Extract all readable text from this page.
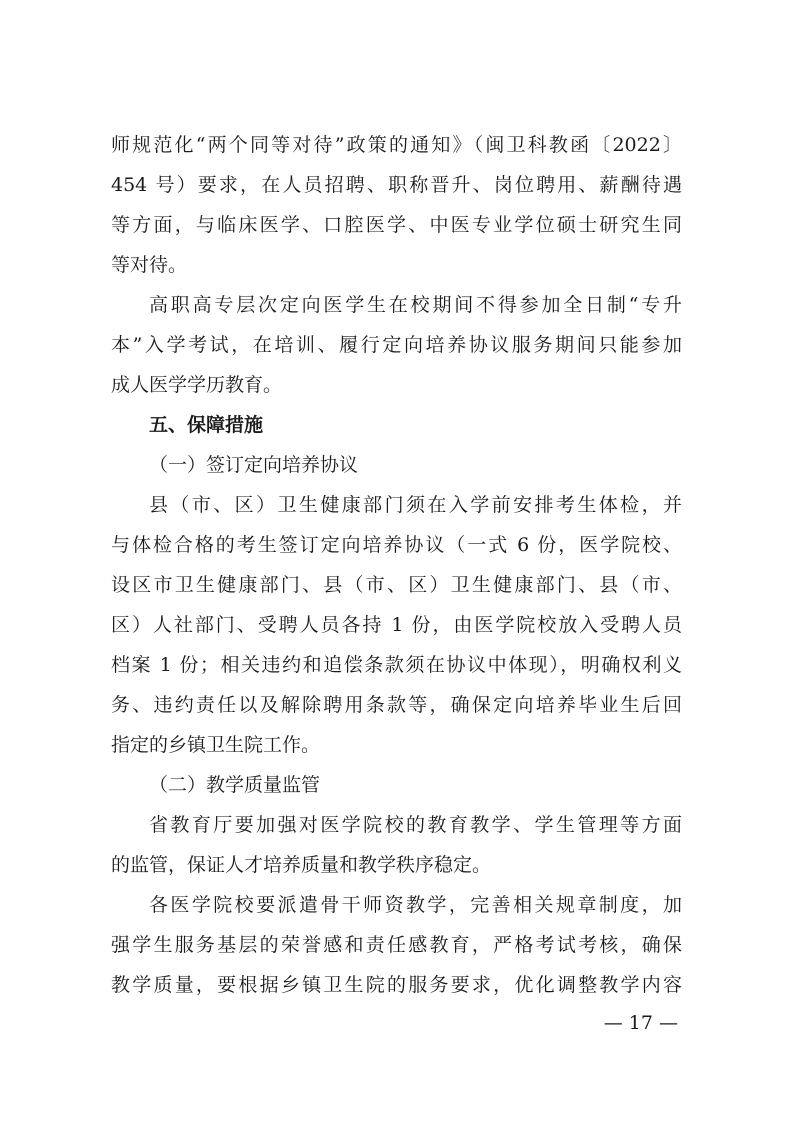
师规范化“两个同等对待”政策的通知》（闽卫科教函〔2022〕
454 号）要求，在人员招聘、职称晋升、岗位聘用、薪酬待遇
等方面，与临床医学、口腔医学、中医专业学位硕士研究生同
等对待。
高职高专层次定向医学生在校期间不得参加全日制“专升
本”入学考试，在培训、履行定向培养协议服务期间只能参加
成人医学学历教育。
五、保障措施
（一）签订定向培养协议
县（市、区）卫生健康部门须在入学前安排考生体检，并
与体检合格的考生签订定向培养协议（一式 6 份，医学院校、
设区市卫生健康部门、县（市、区）卫生健康部门、县（市、
区）人社部门、受聘人员各持 1 份，由医学院校放入受聘人员
档案 1 份；相关违约和追偿条款须在协议中体现），明确权利义
务、违约责任以及解除聘用条款等，确保定向培养毕业生后回
指定的乡镇卫生院工作。
（二）教学质量监管
省教育厅要加强对医学院校的教育教学、学生管理等方面
的监管，保证人才培养质量和教学秩序稳定。
各医学院校要派遣骨干师资教学，完善相关规章制度，加
强学生服务基层的荣誉感和责任感教育，严格考试考核，确保
教学质量，要根据乡镇卫生院的服务要求，优化调整教学内容
— 17 —
